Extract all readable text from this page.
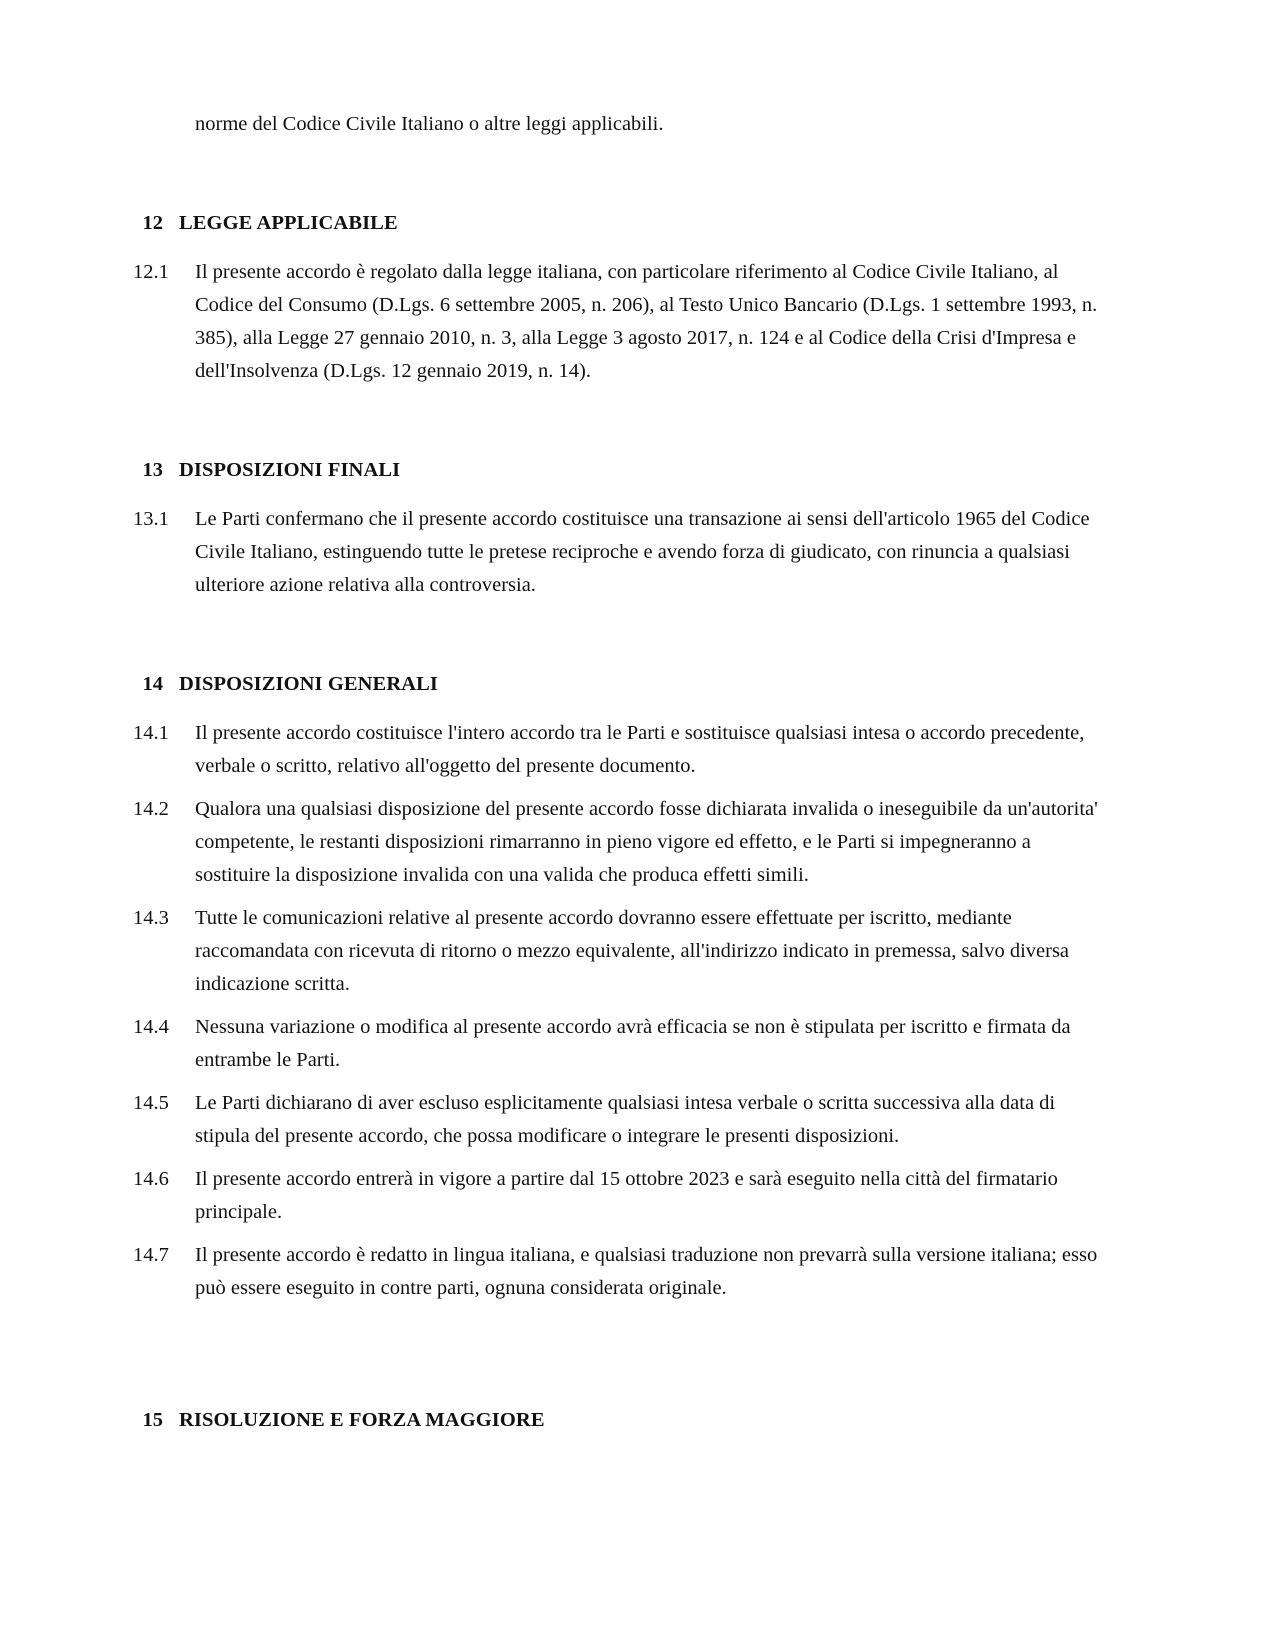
norme del Codice Civile Italiano o altre leggi applicabili.

12 LEGGE APPLICABILE
12.1	Il presente accordo è regolato dalla legge italiana, con particolare riferimento al Codice Civile Italiano, al Codice del Consumo (D.Lgs. 6 settembre 2005, n. 206), al Testo Unico Bancario (D.Lgs. 1 settembre 1993, n. 385), alla Legge 27 gennaio 2010, n. 3, alla Legge 3 agosto 2017, n. 124 e al Codice della Crisi d'Impresa e dell'Insolvenza (D.Lgs. 12 gennaio 2019, n. 14).
13 DISPOSIZIONI FINALI
13.1	Le Parti confermano che il presente accordo costituisce una transazione ai sensi dell'articolo 1965 del Codice Civile Italiano, estinguendo tutte le pretese reciproche e avendo forza di giudicato, con rinuncia a qualsiasi ulteriore azione relativa alla controversia.
14 DISPOSIZIONI GENERALI
14.1	Il presente accordo costituisce l'intero accordo tra le Parti e sostituisce qualsiasi intesa o accordo precedente, verbale o scritto, relativo all'oggetto del presente documento.
14.2	Qualora una qualsiasi disposizione del presente accordo fosse dichiarata invalida o ineseguibile da un'autorita' competente, le restanti disposizioni rimarranno in pieno vigore ed effetto, e le Parti si impegneranno a sostituire la disposizione invalida con una valida che produca effetti simili.
14.3	Tutte le comunicazioni relative al presente accordo dovranno essere effettuate per iscritto, mediante raccomandata con ricevuta di ritorno o mezzo equivalente, all'indirizzo indicato in premessa, salvo diversa indicazione scritta.
14.4	Nessuna variazione o modifica al presente accordo avrà efficacia se non è stipulata per iscritto e firmata da entrambe le Parti.
14.5	Le Parti dichiarano di aver escluso esplicitamente qualsiasi intesa verbale o scritta successiva alla data di stipula del presente accordo, che possa modificare o integrare le presenti disposizioni.
14.6	Il presente accordo entrerà in vigore a partire dal 15 ottobre 2023 e sarà eseguito nella città del firmatario principale.
14.7	Il presente accordo è redatto in lingua italiana, e qualsiasi traduzione non prevarrà sulla versione italiana; esso può essere eseguito in contre parti, ognuna considerata originale.
15 RISOLUZIONE E FORZA MAGGIORE
